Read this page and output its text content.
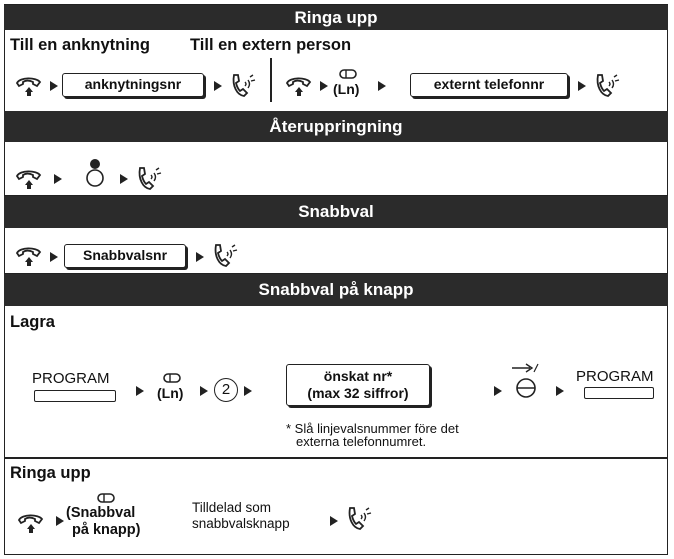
Ringa upp
Till en anknytning Till en extern person
anknytningsnr	(Ln)	externt telefonnr
Återuppringning
Snabbval
Snabbvalsnr
Snabbval på knapp
Lagra
PROGRAM
(Ln)	2
önskat nr*
(max 32 siffror)
PROGRAM
* Slå linjevalsnummer före det
externa telefonnumret.
Ringa upp
(Snabbval
på knapp)
Tilldelad som
snabbvalsknapp
